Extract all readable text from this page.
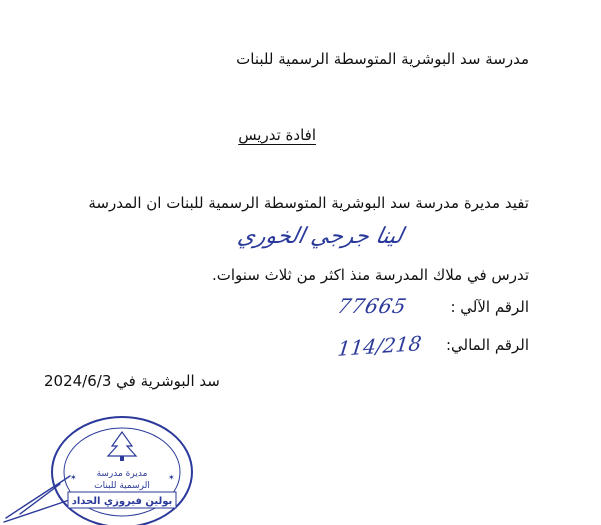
مدرسة سد البوشرية المتوسطة الرسمية للبنات
افادة تدريس
تفيد مديرة مدرسة سد البوشرية المتوسطة الرسمية للبنات ان المدرسة
لينا جرجي الخوري
تدرس في ملاك المدرسة منذ اكثر من ثلاث سنوات.
الرقم الآلي :
77665
الرقم المالي:
114/218
سد البوشرية في 2024/6/3
مديرة مدرسة
الرسمية للبنات
بولين فيروزي الحداد
✶	✶
